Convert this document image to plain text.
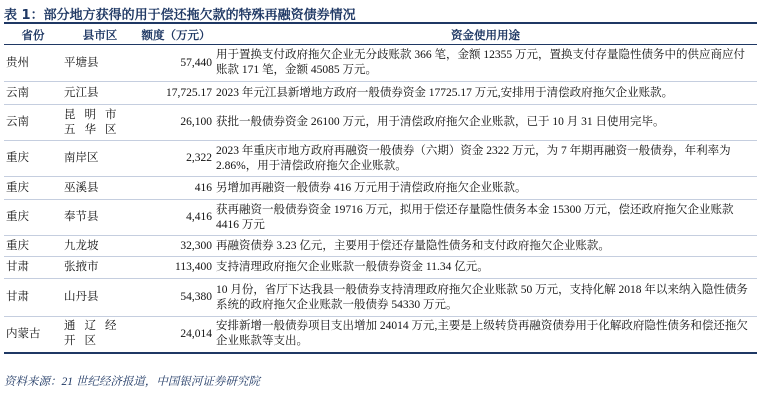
表 1：部分地方获得的用于偿还拖欠款的特殊再融资债券情况
省份	县市区	额度（万元）	资金使用用途
贵州	平塘县	57,440	用于置换支付政府拖欠企业无分歧账款 366 笔，金额 12355 万元，置换支付存量隐性债务中的供应商应付账款 171 笔，金额 45085 万元。
云南	元江县	17,725.17	2023 年元江县新增地方政府一般债券资金 17725.17 万元,安排用于清偿政府拖欠企业账款。
云南	昆明市五华区	26,100	获批一般债券资金 26100 万元，用于清偿政府拖欠企业账款，已于 10 月 31 日使用完毕。
重庆	南岸区	2,322	2023 年重庆市地方政府再融资一般债券（六期）资金 2322 万元，为 7 年期再融资一般债券，年利率为 2.86%，用于清偿政府拖欠企业账款。
重庆	巫溪县	416	另增加再融资一般债券 416 万元用于清偿政府拖欠企业账款。
重庆	奉节县	4,416	获再融资一般债券资金 19716 万元，拟用于偿还存量隐性债务本金 15300 万元，偿还政府拖欠企业账款 4416 万元
重庆	九龙坡	32,300	再融资债券 3.23 亿元，主要用于偿还存量隐性债务和支付政府拖欠企业账款。
甘肃	张掖市	113,400	支持清理政府拖欠企业账款一般债券资金 11.34 亿元。
甘肃	山丹县	54,380	10 月份，省厅下达我县一般债券支持清理政府拖欠企业账款 50 万元，支持化解 2018 年以来纳入隐性债务系统的政府拖欠企业账款一般债券 54330 万元。
内蒙古	通辽经开区	24,014	安排新增一般债券项目支出增加 24014 万元,主要是上级转贷再融资债券用于化解政府隐性债务和偿还拖欠企业账款等支出。
资料来源：21 世纪经济报道，中国银河证券研究院
